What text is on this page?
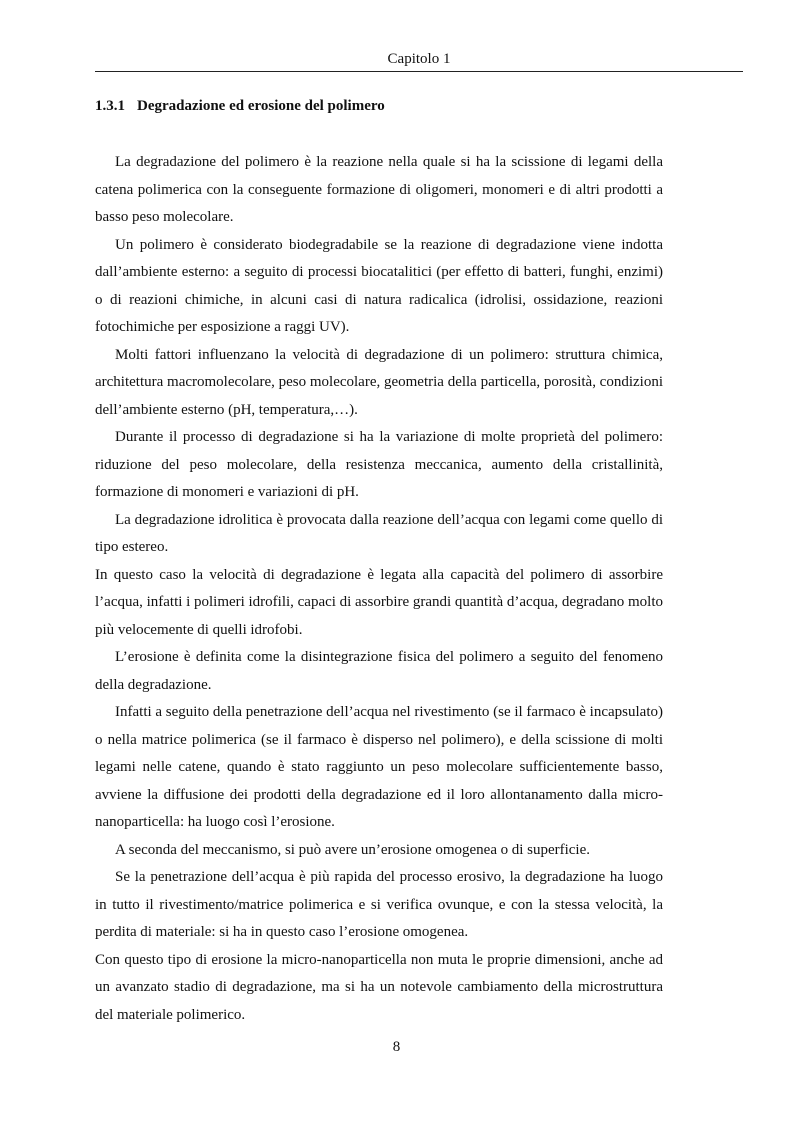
Capitolo 1
1.3.1 Degradazione ed erosione del polimero

La degradazione del polimero è la reazione nella quale si ha la scissione di legami della catena polimerica con la conseguente formazione di oligomeri, monomeri e di altri prodotti a basso peso molecolare.

Un polimero è considerato biodegradabile se la reazione di degradazione viene indotta dall’ambiente esterno: a seguito di processi biocatalitici (per effetto di batteri, funghi, enzimi) o di reazioni chimiche, in alcuni casi di natura radicalica (idrolisi, ossidazione, reazioni fotochimiche per esposizione a raggi UV).

Molti fattori influenzano la velocità di degradazione di un polimero: struttura chimica, architettura macromolecolare, peso molecolare, geometria della particella, porosità, condizioni dell’ambiente esterno (pH, temperatura,…).

Durante il processo di degradazione si ha la variazione di molte proprietà del polimero: riduzione del peso molecolare, della resistenza meccanica, aumento della cristallinità, formazione di monomeri e variazioni di pH.

La degradazione idrolitica è provocata dalla reazione dell’acqua con legami come quello di tipo estereo.

In questo caso la velocità di degradazione è legata alla capacità del polimero di assorbire l’acqua, infatti i polimeri idrofili, capaci di assorbire grandi quantità d’acqua, degradano molto più velocemente di quelli idrofobi.

L’erosione è definita come la disintegrazione fisica del polimero a seguito del fenomeno della degradazione.

Infatti a seguito della penetrazione dell’acqua nel rivestimento (se il farmaco è incapsulato) o nella matrice polimerica (se il farmaco è disperso nel polimero), e della scissione di molti legami nelle catene, quando è stato raggiunto un peso molecolare sufficientemente basso, avviene la diffusione dei prodotti della degradazione ed il loro allontanamento dalla micro-nanoparticella: ha luogo così l’erosione.

A seconda del meccanismo, si può avere un’erosione omogenea o di superficie.

Se la penetrazione dell’acqua è più rapida del processo erosivo, la degradazione ha luogo in tutto il rivestimento/matrice polimerica e si verifica ovunque, e con la stessa velocità, la perdita di materiale: si ha in questo caso l’erosione omogenea.

Con questo tipo di erosione la micro-nanoparticella non muta le proprie dimensioni, anche ad un avanzato stadio di degradazione, ma si ha un notevole cambiamento della microstruttura del materiale polimerico.

8
